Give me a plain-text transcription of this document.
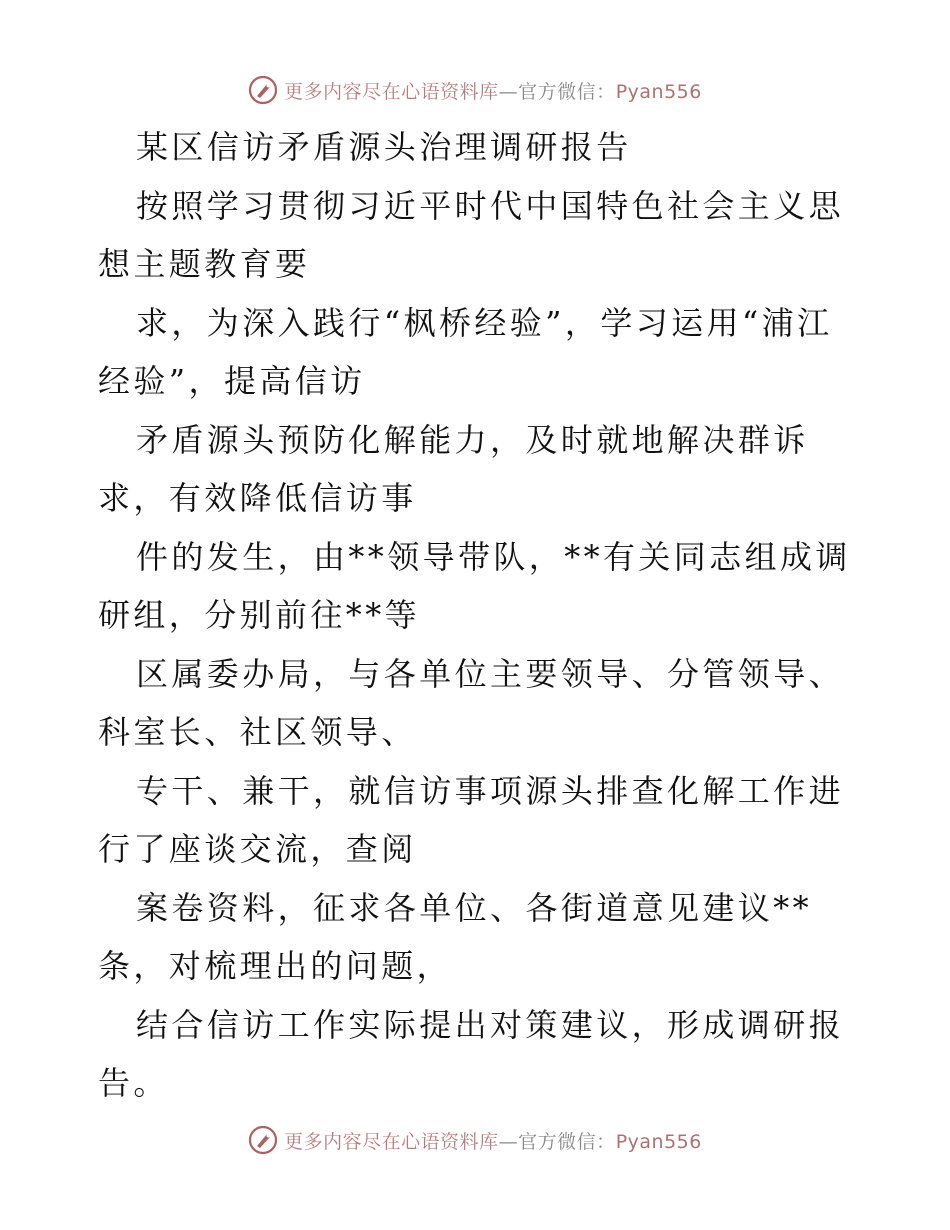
更多内容尽在心语资料库—官方微信：Pyan556

某区信访矛盾源头治理调研报告

按照学习贯彻习近平时代中国特色社会主义思想主题教育要

求，为深入践行“枫桥经验”，学习运用“浦江经验”，提高信访

矛盾源头预防化解能力，及时就地解决群诉求，有效降低信访事

件的发生，由**领导带队，**有关同志组成调研组，分别前往**等

区属委办局，与各单位主要领导、分管领导、科室长、社区领导、

专干、兼干，就信访事项源头排查化解工作进行了座谈交流，查阅

案卷资料，征求各单位、各街道意见建议**条，对梳理出的问题，

结合信访工作实际提出对策建议，形成调研报告。

更多内容尽在心语资料库—官方微信：Pyan556
